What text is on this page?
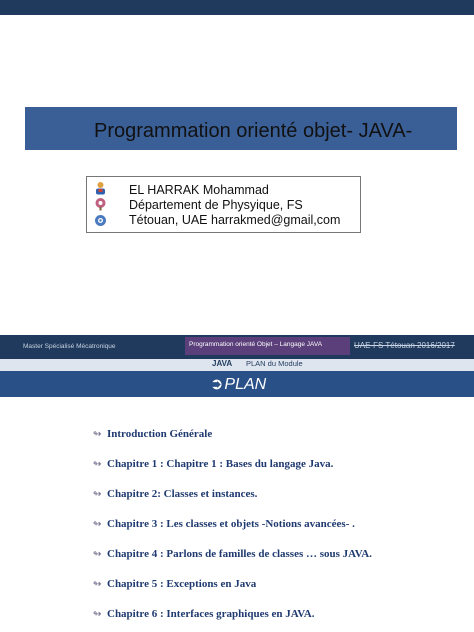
Programmation orienté objet- JAVA-
EL HARRAK Mohammad
Département de Physyique, FS
Tétouan, UAE harrakmed@gmail,com
Master Spécialisé Mécatronique	Programmation orienté Objet – Langage JAVA	UAE-FS Tétouan 2016/2017
JAVA PLAN du Module
➲PLAN
↬ Introduction Générale
↬ Chapitre 1 : Chapitre 1 : Bases du langage Java.
↬ Chapitre 2: Classes et instances.
↬ Chapitre 3 : Les classes et objets -Notions avancées- .
↬ Chapitre 4 : Parlons de familles de classes … sous JAVA.
↬ Chapitre 5 : Exceptions en Java
↬ Chapitre 6 : Interfaces graphiques en JAVA.
